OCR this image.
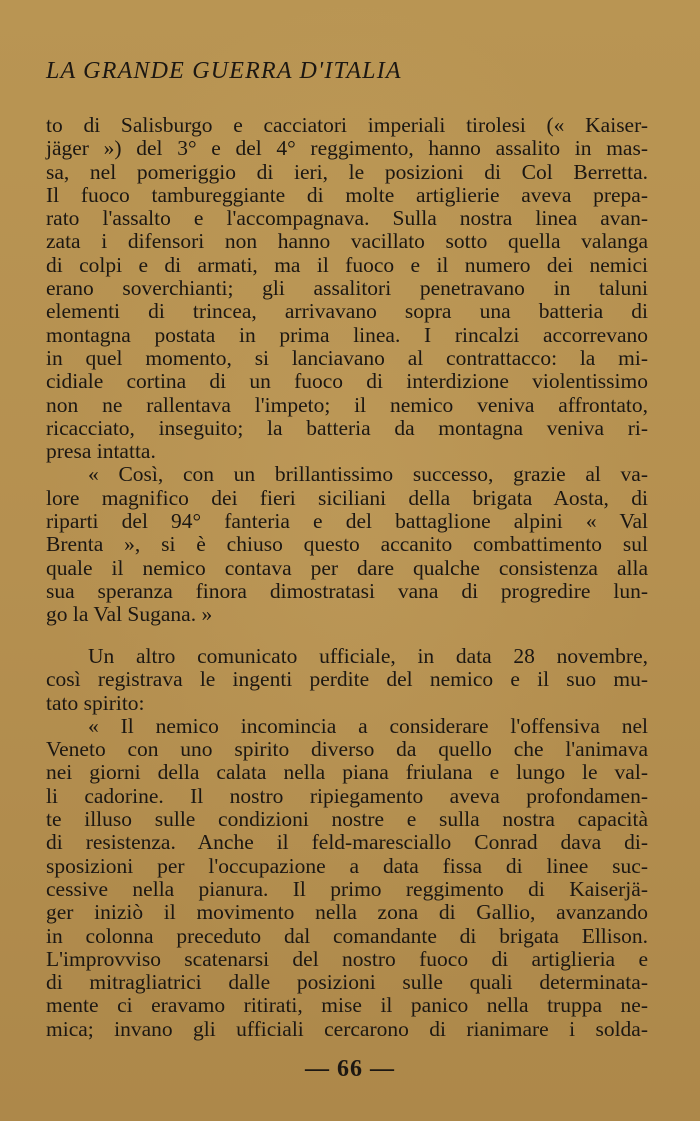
LA GRANDE GUERRA D'ITALIA
to di Salisburgo e cacciatori imperiali tirolesi (« Kaiser-
jäger ») del 3° e del 4° reggimento, hanno assalito in mas-
sa, nel pomeriggio di ieri, le posizioni di Col Berretta.
Il fuoco tambureggiante di molte artiglierie aveva prepa-
rato l'assalto e l'accompagnava. Sulla nostra linea avan-
zata i difensori non hanno vacillato sotto quella valanga
di colpi e di armati, ma il fuoco e il numero dei nemici
erano soverchianti; gli assalitori penetravano in taluni
elementi di trincea, arrivavano sopra una batteria di
montagna postata in prima linea. I rincalzi accorrevano
in quel momento, si lanciavano al contrattacco: la mi-
cidiale cortina di un fuoco di interdizione violentissimo
non ne rallentava l'impeto; il nemico veniva affrontato,
ricacciato, inseguito; la batteria da montagna veniva ri-
presa intatta.
« Così, con un brillantissimo successo, grazie al va-
lore magnifico dei fieri siciliani della brigata Aosta, di
riparti del 94° fanteria e del battaglione alpini « Val
Brenta », si è chiuso questo accanito combattimento sul
quale il nemico contava per dare qualche consistenza alla
sua speranza finora dimostratasi vana di progredire lun-
go la Val Sugana. »
Un altro comunicato ufficiale, in data 28 novembre,
così registrava le ingenti perdite del nemico e il suo mu-
tato spirito:
« Il nemico incomincia a considerare l'offensiva nel
Veneto con uno spirito diverso da quello che l'animava
nei giorni della calata nella piana friulana e lungo le val-
li cadorine. Il nostro ripiegamento aveva profondamen-
te illuso sulle condizioni nostre e sulla nostra capacità
di resistenza. Anche il feld-maresciallo Conrad dava di-
sposizioni per l'occupazione a data fissa di linee suc-
cessive nella pianura. Il primo reggimento di Kaiserjä-
ger iniziò il movimento nella zona di Gallio, avanzando
in colonna preceduto dal comandante di brigata Ellison.
L'improvviso scatenarsi del nostro fuoco di artiglieria e
di mitragliatrici dalle posizioni sulle quali determinata-
mente ci eravamo ritirati, mise il panico nella truppa ne-
mica; invano gli ufficiali cercarono di rianimare i solda-
— 66 —
